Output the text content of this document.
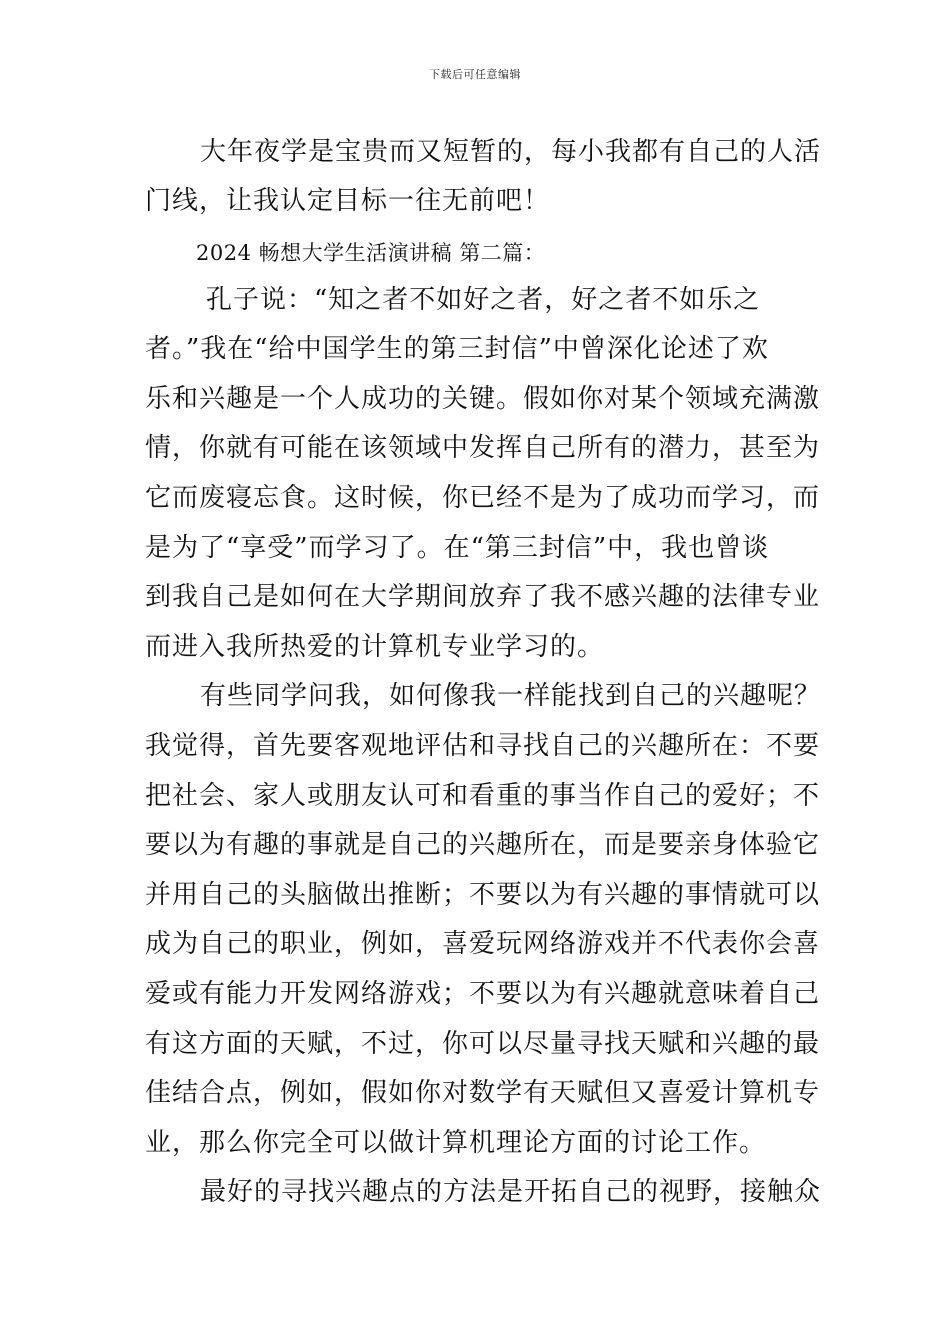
下载后可任意编辑
大年夜学是宝贵而又短暂的，每小我都有自己的人活
门线，让我认定目标一往无前吧！
2024 畅想大学生活演讲稿 第二篇：
孔子说：“知之者不如好之者，好之者不如乐之
者。”我在“给中国学生的第三封信”中曾深化论述了欢
乐和兴趣是一个人成功的关键。假如你对某个领域充满激
情，你就有可能在该领域中发挥自己所有的潜力，甚至为
它而废寝忘食。这时候，你已经不是为了成功而学习，而
是为了“享受”而学习了。在“第三封信”中，我也曾谈
到我自己是如何在大学期间放弃了我不感兴趣的法律专业
而进入我所热爱的计算机专业学习的。
有些同学问我，如何像我一样能找到自己的兴趣呢？
我觉得，首先要客观地评估和寻找自己的兴趣所在：不要
把社会、家人或朋友认可和看重的事当作自己的爱好；不
要以为有趣的事就是自己的兴趣所在，而是要亲身体验它
并用自己的头脑做出推断；不要以为有兴趣的事情就可以
成为自己的职业，例如，喜爱玩网络游戏并不代表你会喜
爱或有能力开发网络游戏；不要以为有兴趣就意味着自己
有这方面的天赋，不过，你可以尽量寻找天赋和兴趣的最
佳结合点，例如，假如你对数学有天赋但又喜爱计算机专
业，那么你完全可以做计算机理论方面的讨论工作。
最好的寻找兴趣点的方法是开拓自己的视野，接触众
